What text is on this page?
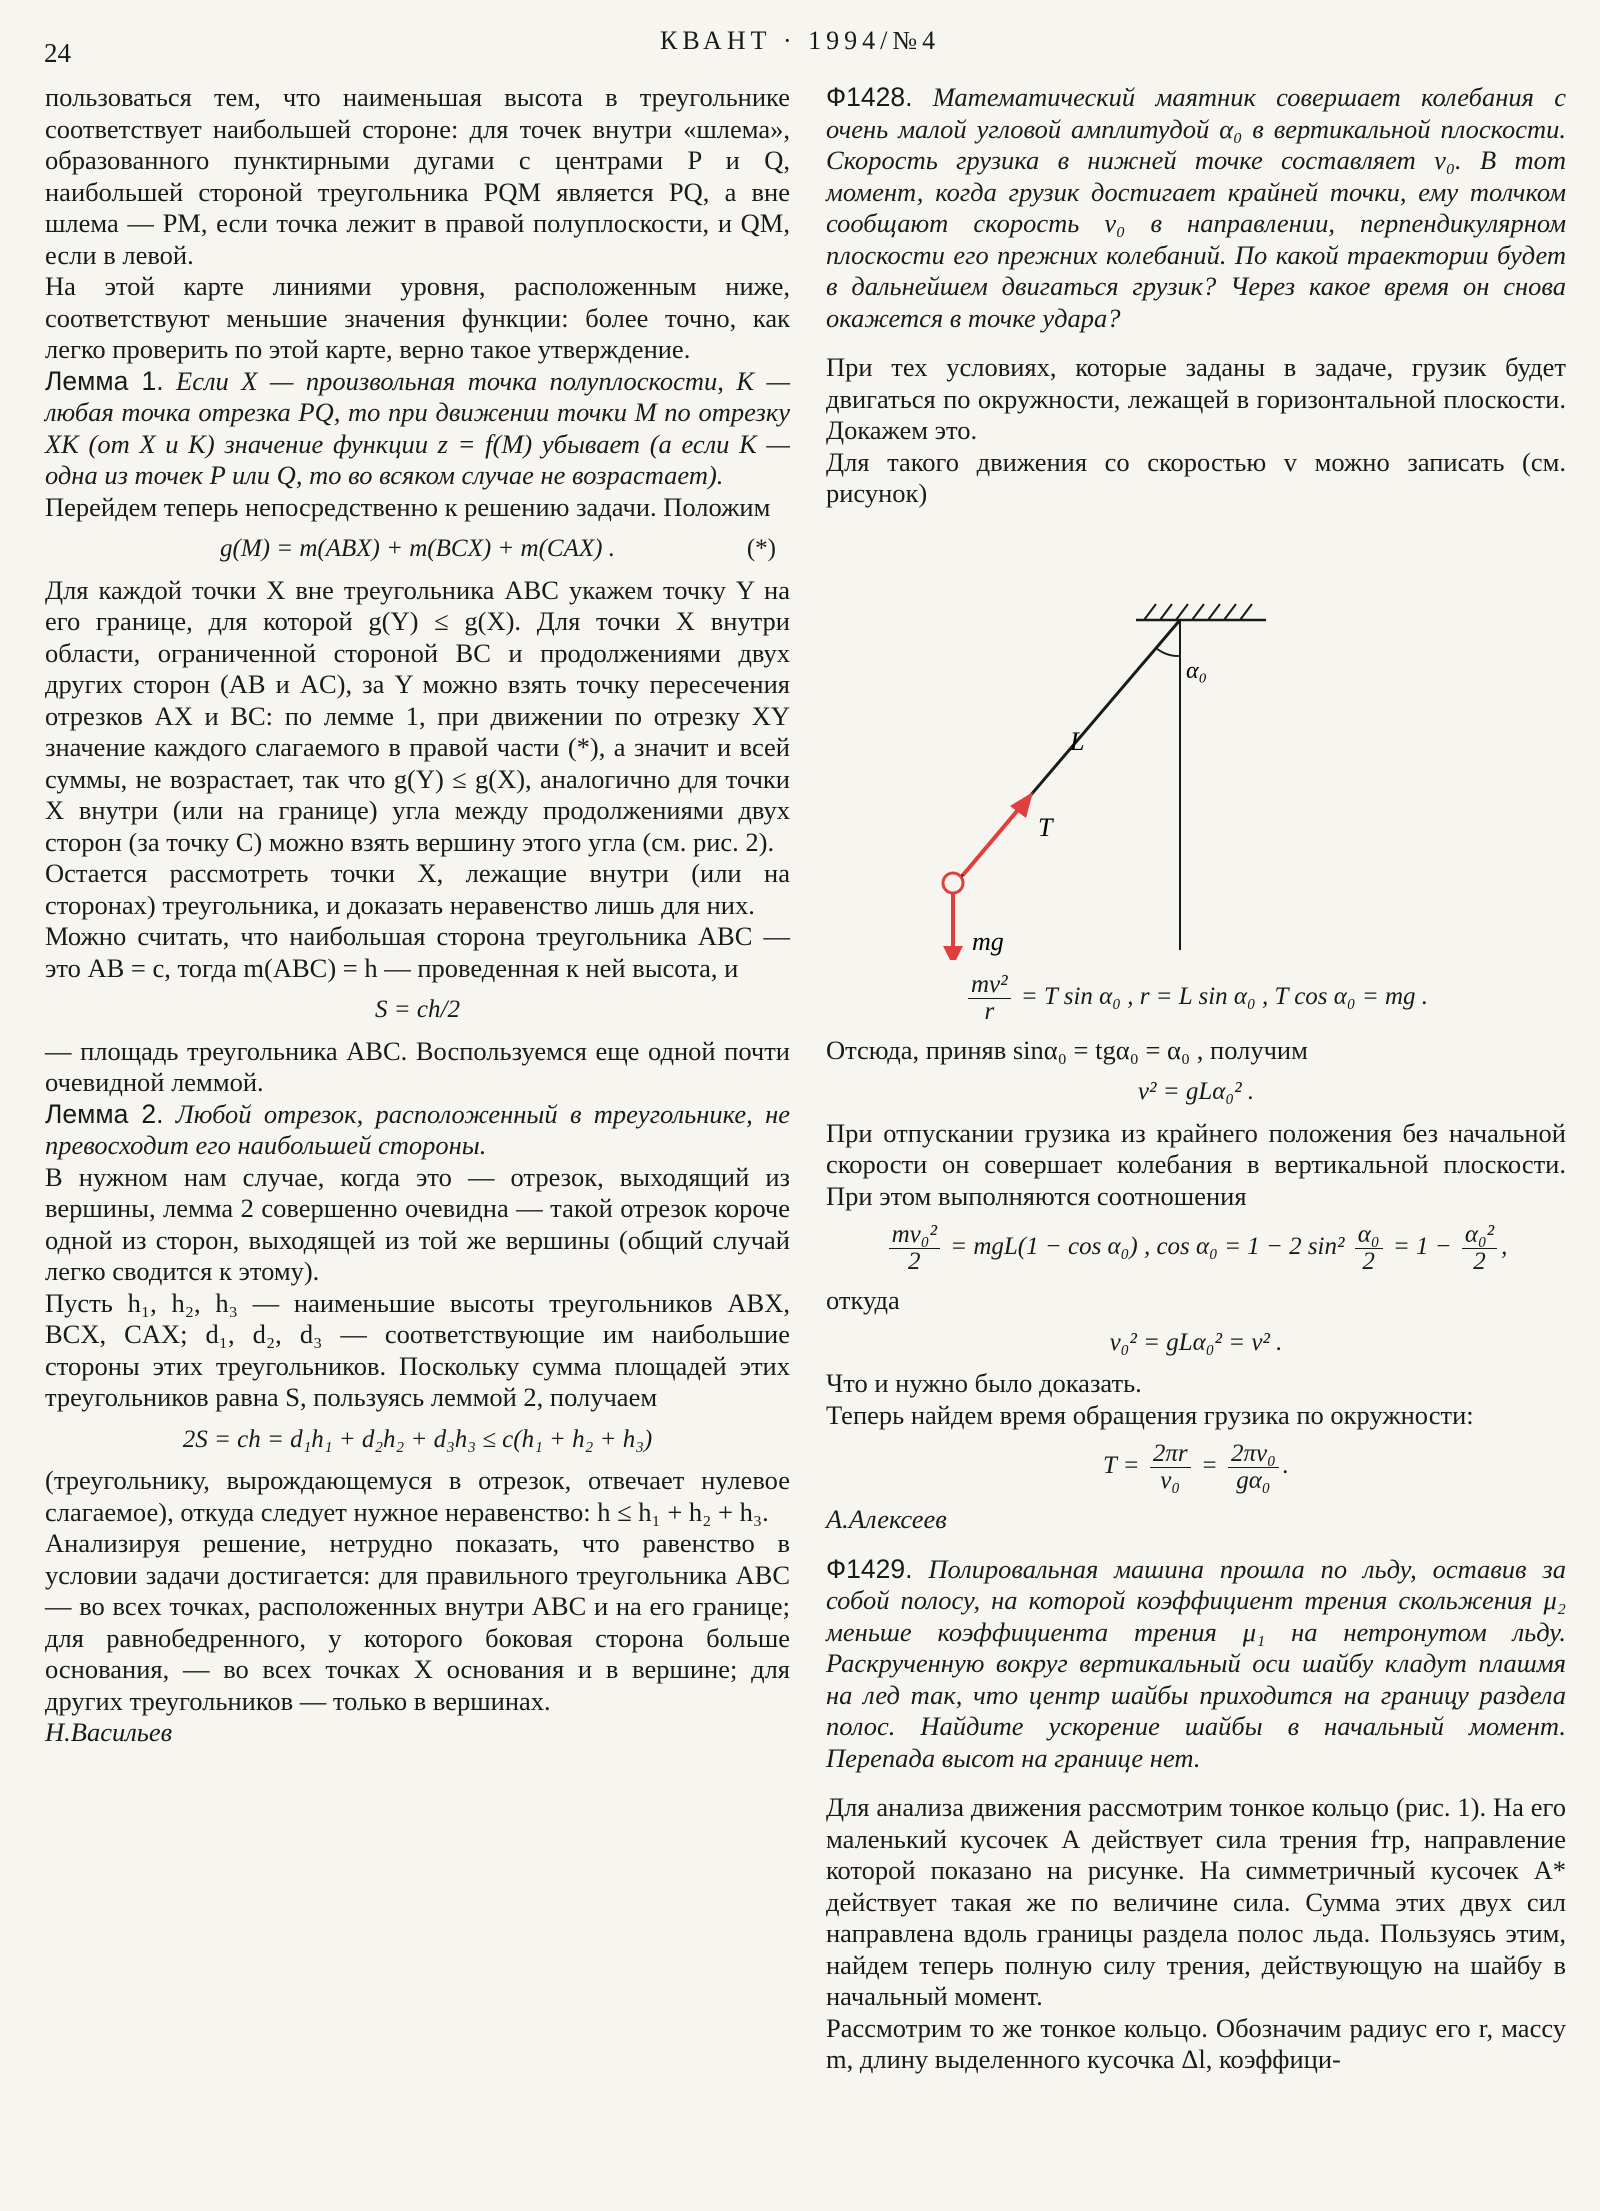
24	КВАНТ · 1994/№4

пользоваться тем, что наименьшая высота в треугольнике соответствует наибольшей стороне: для точек внутри «шлема», образованного пунктирными дугами с центрами P и Q, наибольшей стороной треугольника PQM является PQ, а вне шлема — PM, если точка лежит в правой полуплоскости, и QM, если в левой.

На этой карте линиями уровня, расположенным ниже, соответствуют меньшие значения функции: более точно, как легко проверить по этой карте, верно такое утверждение.

Лемма 1. Если X — произвольная точка полуплоскости, K — любая точка отрезка PQ, то при движении точки M по отрезку XK (от X и K) значение функции z = f(M) убывает (а если K — одна из точек P или Q, то во всяком случае не возрастает).

Перейдем теперь непосредственно к решению задачи. Положим

g(M) = m(ABX) + m(BCX) + m(CAX) .	(*)

Для каждой точки X вне треугольника ABC укажем точку Y на его границе, для которой g(Y) ≤ g(X). Для точки X внутри области, ограниченной стороной BC и продолжениями двух других сторон (AB и AC), за Y можно взять точку пересечения отрезков AX и BC: по лемме 1, при движении по отрезку XY значение каждого слагаемого в правой части (*), а значит и всей суммы, не возрастает, так что g(Y) ≤ g(X), аналогично для точки X внутри (или на границе) угла между продолжениями двух сторон (за точку C) можно взять вершину этого угла (см. рис. 2).

Остается рассмотреть точки X, лежащие внутри (или на сторонах) треугольника, и доказать неравенство лишь для них.

Можно считать, что наибольшая сторона треугольника ABC — это AB = c, тогда m(ABC) = h — проведенная к ней высота, и

S = ch/2

— площадь треугольника ABC. Воспользуемся еще одной почти очевидной леммой.

Лемма 2. Любой отрезок, расположенный в треугольнике, не превосходит его наибольшей стороны.

В нужном нам случае, когда это — отрезок, выходящий из вершины, лемма 2 совершенно очевидна — такой отрезок короче одной из сторон, выходящей из той же вершины (общий случай легко сводится к этому).

Пусть h₁, h₂, h₃ — наименьшие высоты треугольников ABX, BCX, CAX; d₁, d₂, d₃ — соответствующие им наибольшие стороны этих треугольников. Поскольку сумма площадей этих треугольников равна S, пользуясь леммой 2, получаем

2S = ch = d₁h₁ + d₂h₂ + d₃h₃ ≤ c(h₁ + h₂ + h₃)

(треугольнику, вырождающемуся в отрезок, отвечает нулевое слагаемое), откуда следует нужное неравенство: h ≤ h₁ + h₂ + h₃.

Анализируя решение, нетрудно показать, что равенство в условии задачи достигается: для правильного треугольника ABC — во всех точках, расположенных внутри ABC и на его границе; для равнобедренного, у которого боковая сторона больше основания, — во всех точках X основания и в вершине; для других треугольников — только в вершинах.

Н.Васильев

Ф1428. Математический маятник совершает колебания с очень малой угловой амплитудой α₀ в вертикальной плоскости. Скорость грузика в нижней точке составляет v₀. В тот момент, когда грузик достигает крайней точки, ему толчком сообщают скорость v₀ в направлении, перпендикулярном плоскости его прежних колебаний. По какой траектории будет в дальнейшем двигаться грузик? Через какое время он снова окажется в точке удара?

При тех условиях, которые заданы в задаче, грузик будет двигаться по окружности, лежащей в горизонтальной плоскости. Докажем это.

Для такого движения со скоростью v можно записать (см. рисунок)

α₀
L
T
mg
$\frac{\text{mv²}}{r} = T$ sin α₀ , r = L sin α₀ , T cos α₀ = mg .

Отсюда, приняв sinα₀ = tgα₀ = α₀ , получим

v² = gLα₀² .

При отпускании грузика из крайнего положения без начальной скорости он совершает колебания в вертикальной плоскости. При этом выполняются соотношения

$\frac{\text{mv₀²}}{2} = mgL(1 - \cos \alpha_0)$ , cos α₀ = 1 − 2 $\sin^2 \frac{\text{α₀}}{2} = 1 - \frac{\text{α₀²}}{2}$ ,

откуда

v₀² = gLα₀² = v² .

Что и нужно было доказать.

Теперь найдем время обращения грузика по окружности:

$T = \frac{2\pi r}{\text{v₀}} = \frac{\text{2πv₀}}{\text{gα₀}}$ .

А.Алексеев

Ф1429. Полировальная машина прошла по льду, оставив за собой полосу, на которой коэффициент трения скольжения μ₂ меньше коэффициента трения μ₁ на нетронутом льду. Раскрученную вокруг вертикальный оси шайбу кладут плашмя на лед так, что центр шайбы приходится на границу раздела полос. Найдите ускорение шайбы в начальный момент. Перепада высот на границе нет.

Для анализа движения рассмотрим тонкое кольцо (рис. 1). На его маленький кусочек A действует сила трения fтр, направление которой показано на рисунке. На симметричный кусочек A* действует такая же по величине сила. Сумма этих двух сил направлена вдоль границы раздела полос льда. Пользуясь этим, найдем теперь полную силу трения, действующую на шайбу в начальный момент.

Рассмотрим то же тонкое кольцо. Обозначим радиус его r, массу m, длину выделенного кусочка Δl, коэффици-
